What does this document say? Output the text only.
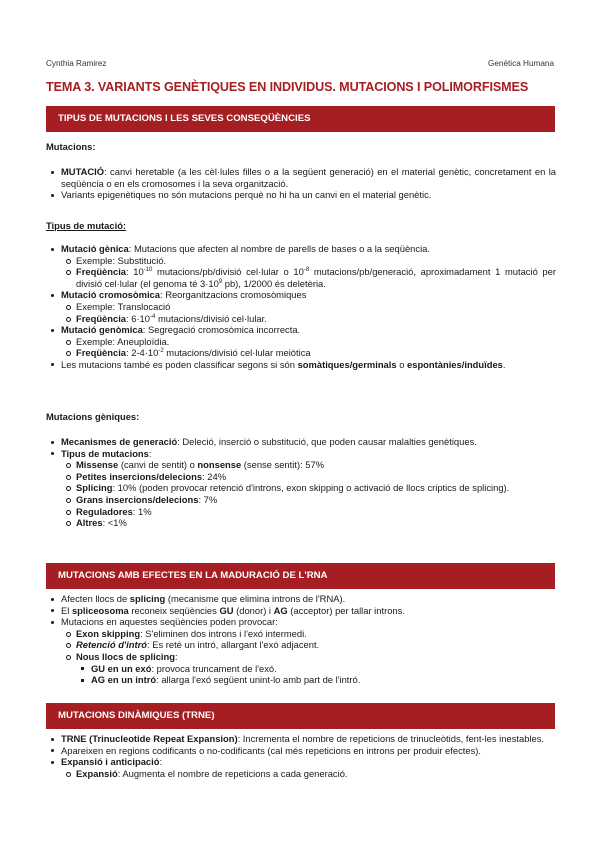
Cynthia Ramirez	Genètica Humana
TEMA 3. VARIANTS GENÈTIQUES EN INDIVIDUS. MUTACIONS I POLIMORFISMES
TIPUS DE MUTACIONS I LES SEVES CONSEQÜÈNCIES
Mutacions:
MUTACIÓ: canvi heretable (a les cèl·lules filles o a la següent generació) en el material genètic, concretament en la seqüència o en els cromosomes i la seva organització.
Variants epigenètiques no són mutacions perquè no hi ha un canvi en el material genètic.
Tipus de mutació:
Mutació gènica: Mutacions que afecten al nombre de parells de bases o a la seqüència.
Exemple: Substitució.
Freqüència: $10^{-10}$ mutacions/pb/divisió cel·lular o $10^{-8}$ mutacions/pb/generació, aproximadament 1 mutació per divisió cel·lular (el genoma té $3\cdot 10^9$ pb), 1/2000 és deletèria.
Mutació cromosòmica: Reorganitzacions cromosòmiques
Exemple: Translocació
Freqüència: $6\cdot 10^{-4}$ mutacions/divisió cel·lular.
Mutació genòmica: Segregació cromosòmica incorrecta.
Exemple: Aneuploïdia.
Freqüència: $2-4\cdot 10^{-2}$ mutacions/divisió cel·lular meiòtica
Les mutacions també es poden classificar segons si són somàtiques/germinals o espontànies/induïdes.
Mutacions gèniques:
Mecanismes de generació: Deleció, inserció o substitució, que poden causar malalties genètiques.
Tipus de mutacions:
Missense (canvi de sentit) o nonsense (sense sentit): 57%
Petites insercions/delecions: 24%
Splicing: 10% (poden provocar retenció d'introns, exon skipping o activació de llocs criptics de splicing).
Grans insercions/delecions: 7%
Reguladores: 1%
Altres: <1%
MUTACIONS AMB EFECTES EN LA MADURACIÓ DE L'RNA
Afecten llocs de splicing (mecanisme que elimina introns de l'RNA).
El spliceosoma reconeix seqüències GU (donor) i AG (acceptor) per tallar introns.
Mutacions en aquestes seqüències poden provocar:
Exon skipping: S'eliminen dos introns i l'exó intermedi.
Retenció d'intró: Es reté un intró, allargant l'exó adjacent.
Nous llocs de splicing:
GU en un exó: provoca truncament de l'exó.
AG en un intró: allarga l'exó següent unint-lo amb part de l'intró.
MUTACIONS DINÀMIQUES (TRNE)
TRNE (Trinucleotide Repeat Expansion): Incrementa el nombre de repeticions de trinucleòtids, fent-les inestables.
Apareixen en regions codificants o no-codificants (cal més repeticions en introns per produir efectes).
Expansió i anticipació:
Expansió: Augmenta el nombre de repeticions a cada generació.
